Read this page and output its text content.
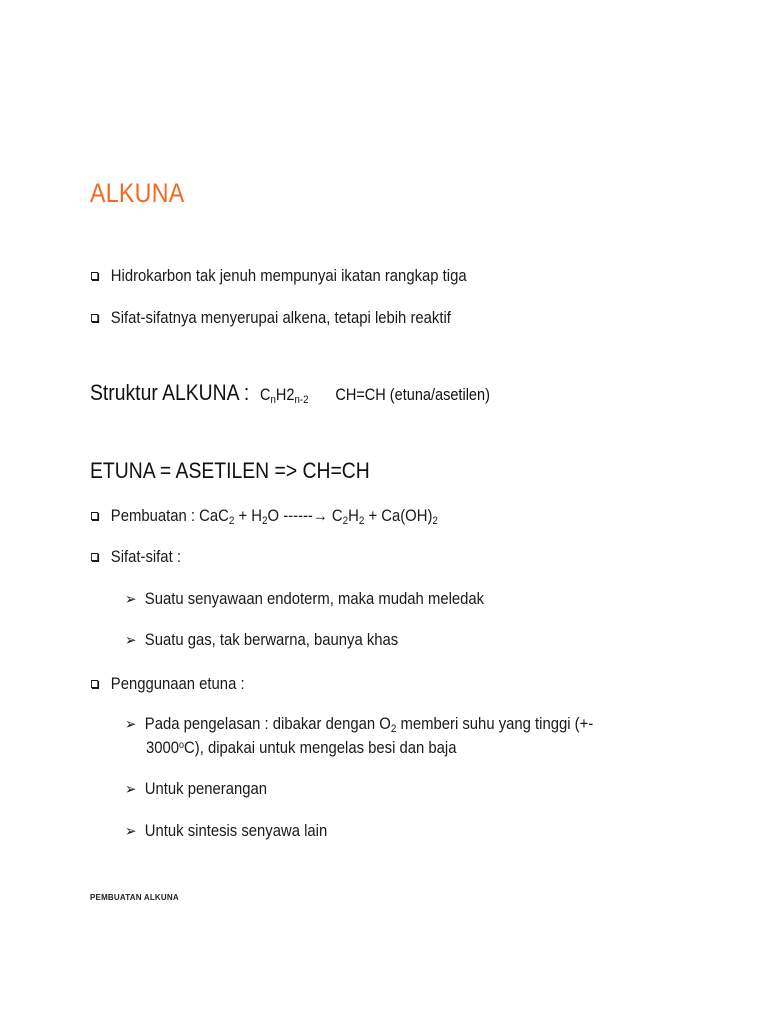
ALKUNA
Hidrokarbon tak jenuh mempunyai ikatan rangkap tiga
Sifat-sifatnya menyerupai alkena, tetapi lebih reaktif
Struktur ALKUNA : $C_nH2_{n-2}$ CH=CH (etuna/asetilen)
ETUNA = ASETILEN => CH=CH
Pembuatan : $CaC_2 + H_2O$ ------→ $C_2H_2 + Ca(OH)_2$
Sifat-sifat :
➢ Suatu senyawaan endoterm, maka mudah meledak
➢ Suatu gas, tak berwarna, baunya khas
Penggunaan etuna :
➢ Pada pengelasan : dibakar dengan $O_2$ memberi suhu yang tinggi (+-
3000$^o$C), dipakai untuk mengelas besi dan baja
➢ Untuk penerangan
➢ Untuk sintesis senyawa lain
PEMBUATAN ALKUNA
